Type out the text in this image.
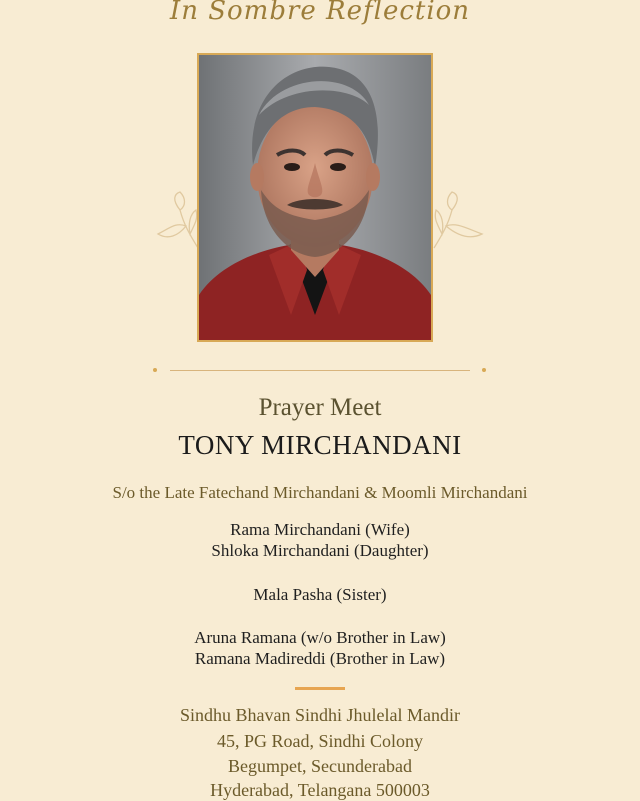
In Sombre Reflection
Prayer Meet
TONY MIRCHANDANI
S/o the Late Fatechand Mirchandani & Moomli Mirchandani
Rama Mirchandani (Wife)
Shloka Mirchandani (Daughter)
Mala Pasha (Sister)
Aruna Ramana (w/o Brother in Law)
Ramana Madireddi (Brother in Law)
Sindhu Bhavan Sindhi Jhulelal Mandir
45, PG Road, Sindhi Colony
Begumpet, Secunderabad
Hyderabad, Telangana 500003
